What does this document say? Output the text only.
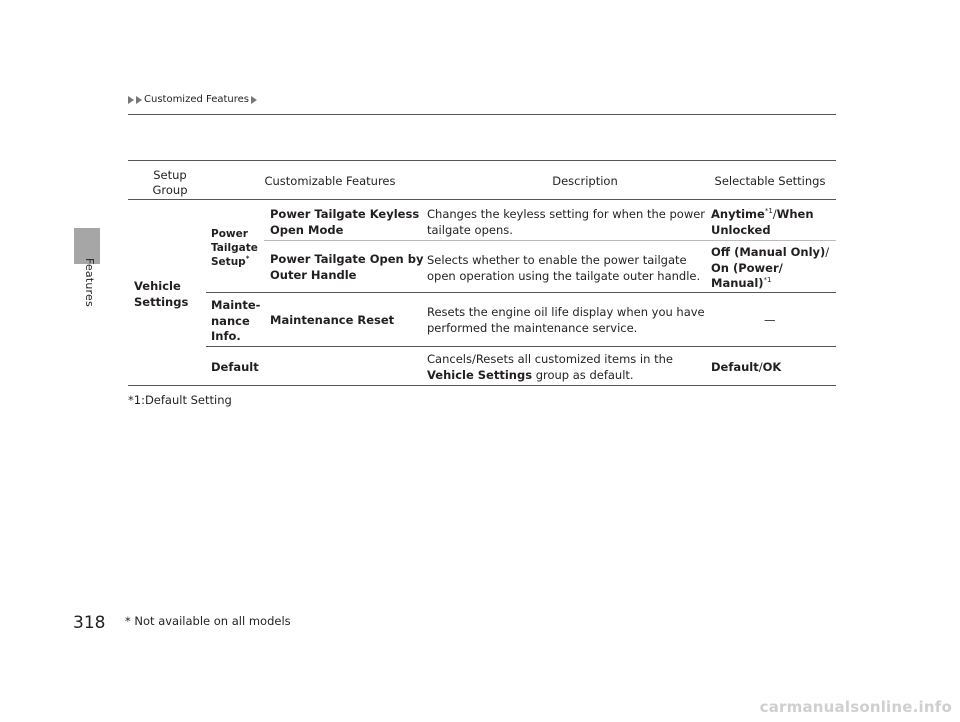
Features
Customized Features
Setup
Group
Customizable Features	Description	Selectable Settings
Vehicle
Settings
Power
Tailgate
Setup*
Power Tailgate Keyless
Open Mode
Changes the keyless setting for when the power
tailgate opens.
Anytime$^{*1}$/When
Unlocked
Power Tailgate Open by
Outer Handle
Selects whether to enable the power tailgate
open operation using the tailgate outer handle.
Off (Manual Only)/
On (Power/
Manual)$^{*1}$
Mainte-
nance
Info.
Maintenance Reset
Resets the engine oil life display when you have
performed the maintenance service.
—
Default
Cancels/Resets all customized items in the
Vehicle Settings group as default.
Default/OK
*1:Default Setting
318 * Not available on all models
carmanualsonline.info
